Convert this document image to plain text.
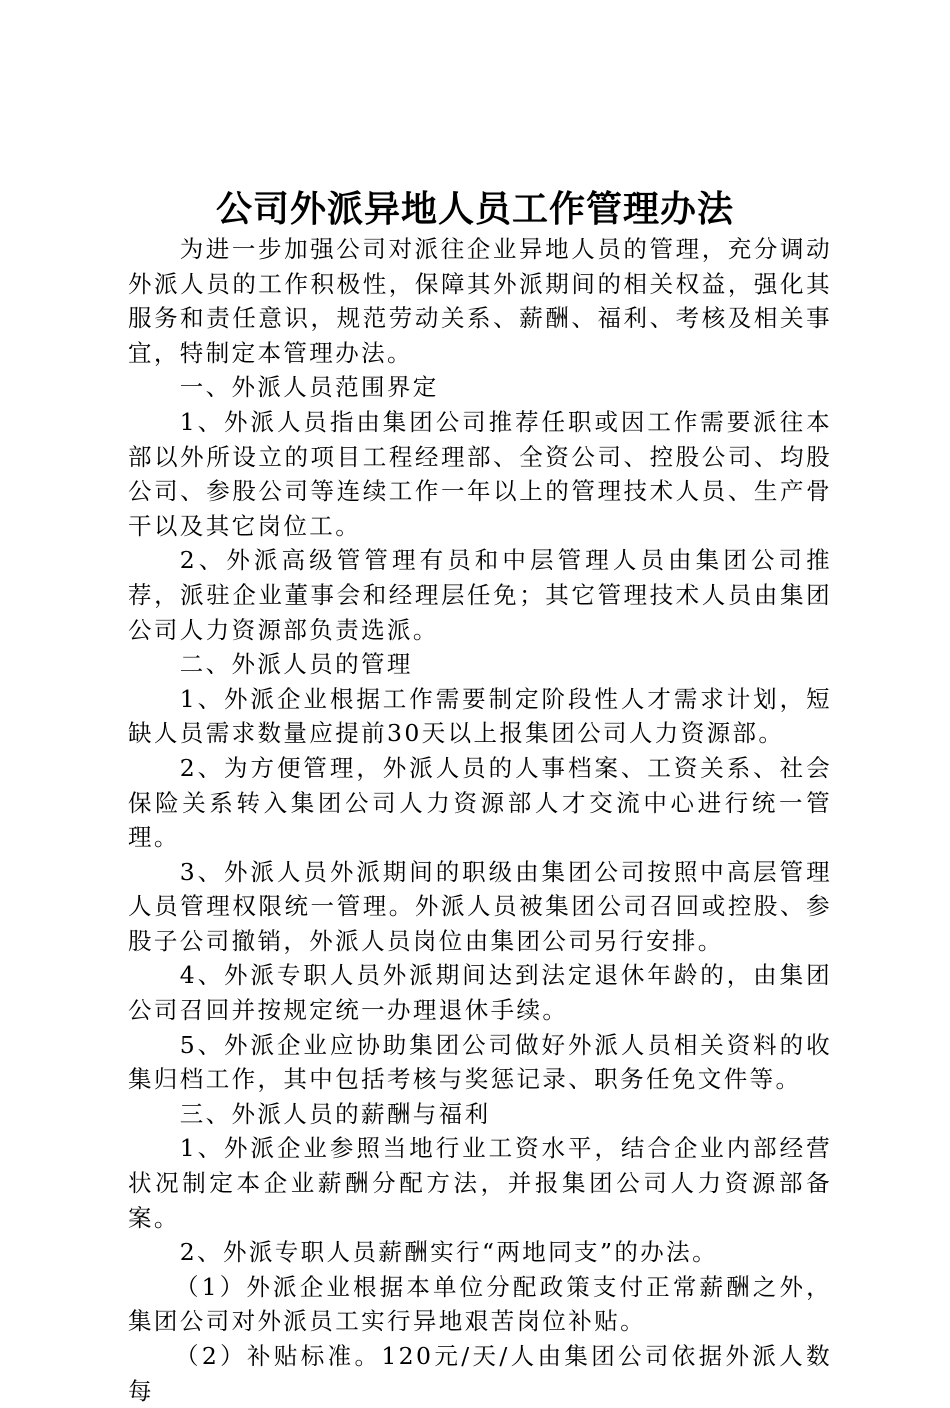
公司外派异地人员工作管理办法

为进一步加强公司对派往企业异地人员的管理，充分调动外派人员的工作积极性，保障其外派期间的相关权益，强化其服务和责任意识，规范劳动关系、薪酬、福利、考核及相关事宜，特制定本管理办法。

一、外派人员范围界定

1、外派人员指由集团公司推荐任职或因工作需要派往本部以外所设立的项目工程经理部、全资公司、控股公司、均股公司、参股公司等连续工作一年以上的管理技术人员、生产骨干以及其它岗位工。

2、外派高级管管理有员和中层管理人员由集团公司推荐，派驻企业董事会和经理层任免；其它管理技术人员由集团公司人力资源部负责选派。

二、外派人员的管理

1、外派企业根据工作需要制定阶段性人才需求计划，短缺人员需求数量应提前30天以上报集团公司人力资源部。

2、为方便管理，外派人员的人事档案、工资关系、社会保险关系转入集团公司人力资源部人才交流中心进行统一管理。

3、外派人员外派期间的职级由集团公司按照中高层管理人员管理权限统一管理。外派人员被集团公司召回或控股、参股子公司撤销，外派人员岗位由集团公司另行安排。

4、外派专职人员外派期间达到法定退休年龄的，由集团公司召回并按规定统一办理退休手续。

5、外派企业应协助集团公司做好外派人员相关资料的收集归档工作，其中包括考核与奖惩记录、职务任免文件等。

三、外派人员的薪酬与福利

1、外派企业参照当地行业工资水平，结合企业内部经营状况制定本企业薪酬分配方法，并报集团公司人力资源部备案。

2、外派专职人员薪酬实行“两地同支”的办法。

（1）外派企业根据本单位分配政策支付正常薪酬之外，集团公司对外派员工实行异地艰苦岗位补贴。

（2）补贴标准。120元/天/人由集团公司依据外派人数每
